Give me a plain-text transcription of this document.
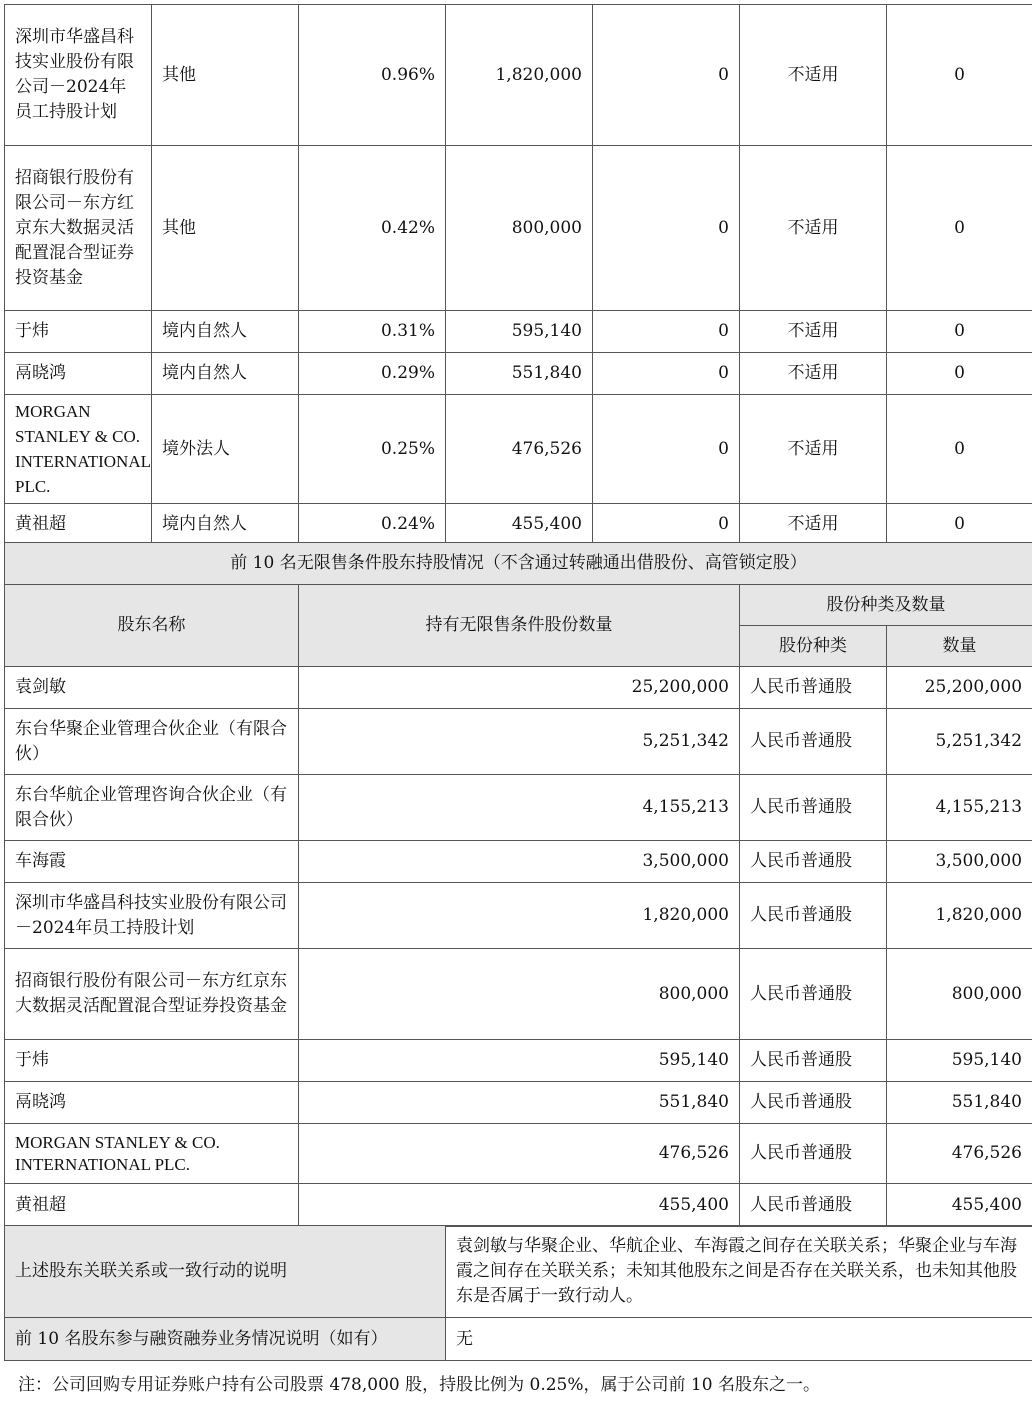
深圳市华盛昌科技实业股份有限公司－2024年员工持股计划	其他	0.96%	1,820,000	0	不适用	0
招商银行股份有限公司－东方红京东大数据灵活配置混合型证券投资基金	其他	0.42%	800,000	0	不适用	0
于炜	境内自然人	0.31%	595,140	0	不适用	0
鬲晓鸿	境内自然人	0.29%	551,840	0	不适用	0
MORGAN STANLEY & CO. INTERNATIONAL PLC.	境外法人	0.25%	476,526	0	不适用	0
黄祖超	境内自然人	0.24%	455,400	0	不适用	0
前 10 名无限售条件股东持股情况（不含通过转融通出借股份、高管锁定股）			
股东名称	持有无限售条件股份数量	股份种类及数量	
		股份种类	数量
袁剑敏	25,200,000	人民币普通股	25,200,000
东台华聚企业管理合伙企业（有限合伙）	5,251,342	人民币普通股	5,251,342
东台华航企业管理咨询合伙企业（有限合伙）	4,155,213	人民币普通股	4,155,213
车海霞	3,500,000	人民币普通股	3,500,000
深圳市华盛昌科技实业股份有限公司－2024年员工持股计划	1,820,000	人民币普通股	1,820,000
招商银行股份有限公司－东方红京东大数据灵活配置混合型证券投资基金	800,000	人民币普通股	800,000
于炜	595,140	人民币普通股	595,140
鬲晓鸿	551,840	人民币普通股	551,840
MORGAN STANLEY & CO. INTERNATIONAL PLC.	476,526	人民币普通股	476,526
黄祖超	455,400	人民币普通股	455,400
上述股东关联关系或一致行动的说明	袁剑敏与华聚企业、华航企业、车海霞之间存在关联关系；华聚企业与车海霞之间存在关联关系；未知其他股东之间是否存在关联关系，也未知其他股东是否属于一致行动人。
前 10 名股东参与融资融券业务情况说明（如有）	无
注：公司回购专用证券账户持有公司股票 478,000 股，持股比例为 0.25%，属于公司前 10 名股东之一。
